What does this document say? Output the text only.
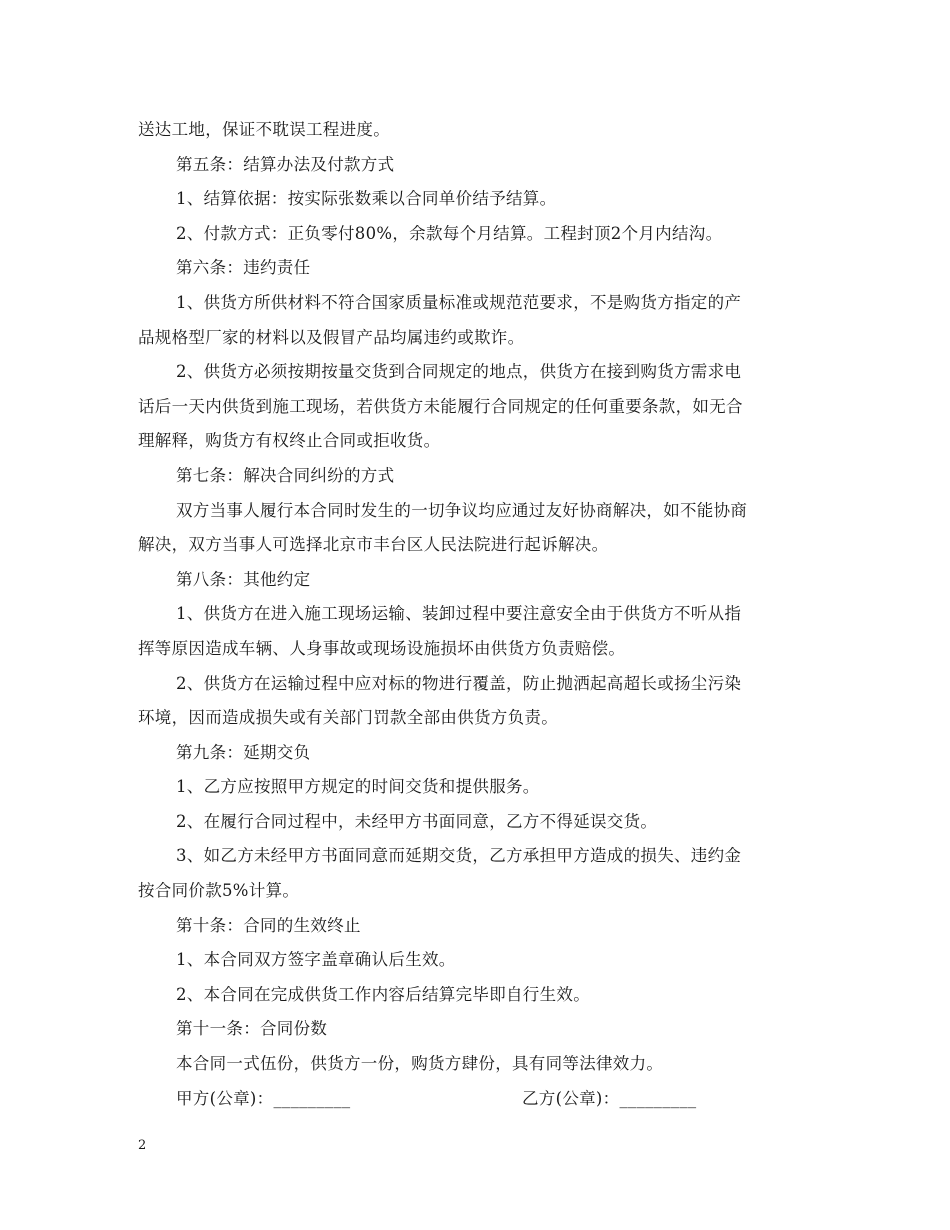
送达工地，保证不耽误工程进度。
第五条：结算办法及付款方式
1、结算依据：按实际张数乘以合同单价结予结算。
2、付款方式：正负零付80%，余款每个月结算。工程封顶2个月内结沟。
第六条：违约责任
1、供货方所供材料不符合国家质量标准或规范范要求，不是购货方指定的产
品规格型厂家的材料以及假冒产品均属违约或欺诈。
2、供货方必须按期按量交货到合同规定的地点，供货方在接到购货方需求电
话后一天内供货到施工现场，若供货方未能履行合同规定的任何重要条款，如无合
理解释，购货方有权终止合同或拒收货。
第七条：解决合同纠纷的方式
双方当事人履行本合同时发生的一切争议均应通过友好协商解决，如不能协商
解决，双方当事人可选择北京市丰台区人民法院进行起诉解决。
第八条：其他约定
1、供货方在进入施工现场运输、装卸过程中要注意安全由于供货方不听从指
挥等原因造成车辆、人身事故或现场设施损坏由供货方负责赔偿。
2、供货方在运输过程中应对标的物进行覆盖，防止抛洒起高超长或扬尘污染
环境，因而造成损失或有关部门罚款全部由供货方负责。
第九条：延期交负
1、乙方应按照甲方规定的时间交货和提供服务。
2、在履行合同过程中，未经甲方书面同意，乙方不得延误交货。
3、如乙方未经甲方书面同意而延期交货，乙方承担甲方造成的损失、违约金
按合同价款5%计算。
第十条：合同的生效终止
1、本合同双方签字盖章确认后生效。
2、本合同在完成供货工作内容后结算完毕即自行生效。
第十一条：合同份数
本合同一式伍份，供货方一份，购货方肆份，具有同等法律效力。
甲方(公章)：_________	乙方(公章)：_________
2
